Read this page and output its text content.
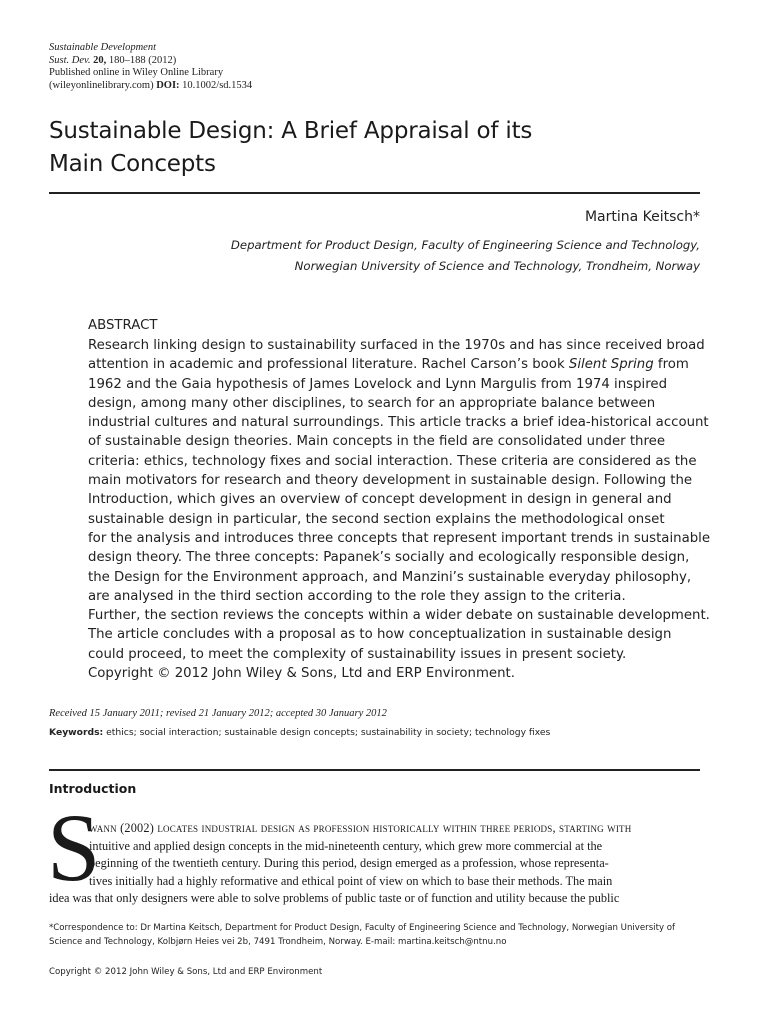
Sustainable Development
Sust. Dev. 20, 180–188 (2012)
Published online in Wiley Online Library
(wileyonlinelibrary.com) DOI: 10.1002/sd.1534
Sustainable Design: A Brief Appraisal of its
Main Concepts
Martina Keitsch*
Department for Product Design, Faculty of Engineering Science and Technology,
Norwegian University of Science and Technology, Trondheim, Norway
ABSTRACT
Research linking design to sustainability surfaced in the 1970s and has since received broad
attention in academic and professional literature. Rachel Carson’s book Silent Spring from
1962 and the Gaia hypothesis of James Lovelock and Lynn Margulis from 1974 inspired
design, among many other disciplines, to search for an appropriate balance between
industrial cultures and natural surroundings. This article tracks a brief idea-historical account
of sustainable design theories. Main concepts in the field are consolidated under three
criteria: ethics, technology fixes and social interaction. These criteria are considered as the
main motivators for research and theory development in sustainable design. Following the
Introduction, which gives an overview of concept development in design in general and
sustainable design in particular, the second section explains the methodological onset
for the analysis and introduces three concepts that represent important trends in sustainable
design theory. The three concepts: Papanek’s socially and ecologically responsible design,
the Design for the Environment approach, and Manzini’s sustainable everyday philosophy,
are analysed in the third section according to the role they assign to the criteria.
Further, the section reviews the concepts within a wider debate on sustainable development.
The article concludes with a proposal as to how conceptualization in sustainable design
could proceed, to meet the complexity of sustainability issues in present society.
Copyright © 2012 John Wiley & Sons, Ltd and ERP Environment.
Received 15 January 2011; revised 21 January 2012; accepted 30 January 2012
Keywords: ethics; social interaction; sustainable design concepts; sustainability in society; technology fixes
Introduction
S
wann (2002) locates industrial design as profession historically within three periods, starting with
intuitive and applied design concepts in the mid-nineteenth century, which grew more commercial at the
beginning of the twentieth century. During this period, design emerged as a profession, whose representa-
tives initially had a highly reformative and ethical point of view on which to base their methods. The main
idea was that only designers were able to solve problems of public taste or of function and utility because the public
*Correspondence to: Dr Martina Keitsch, Department for Product Design, Faculty of Engineering Science and Technology, Norwegian University of
Science and Technology, Kolbjørn Heies vei 2b, 7491 Trondheim, Norway. E-mail: martina.keitsch@ntnu.no
Copyright © 2012 John Wiley & Sons, Ltd and ERP Environment
